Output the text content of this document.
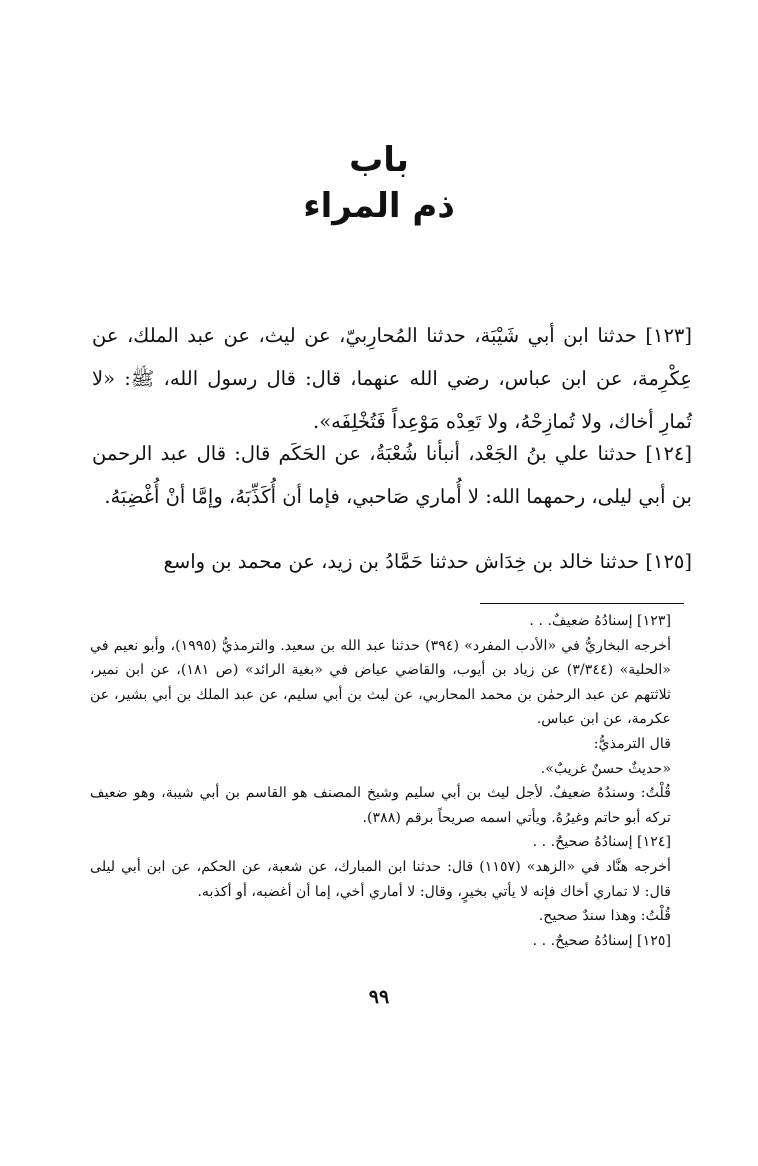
باب
ذم المراء

[١٢٣] حدثنا ابن أبي شَيْبَة، حدثنا المُحارِبيّ، عن ليث، عن عبد الملك، عن عِكْرِمة، عن ابن عباس، رضي الله عنهما، قال: قال رسول الله، ﷺ: «لا تُمارِ أخاك، ولا تُمازِحْهُ، ولا تَعِدْه مَوْعِداً فَتُخْلِفَه».

[١٢٤] حدثنا علي بنُ الجَعْد، أنبأنا شُعْبَةُ، عن الحَكَم قال: قال عبد الرحمن بن أبي ليلى، رحمهما الله: لا أُماري صَاحبي، فإما أن أُكَذِّبَهُ، وإمَّا أنْ أُغْضِبَهُ.

[١٢٥] حدثنا خالد بن خِدَاش حدثنا حَمَّادُ بن زيد، عن محمد بن واسع

[١٢٣] إسنادُهُ ضعيفٌ. . .

أخرجه البخاريُّ في «الأدب المفرد» (٣٩٤) حدثنا عبد الله بن سعيد. والترمذيُّ (١٩٩٥)، وأبو نعيم في «الحلية» (٣/٣٤٤) عن زياد بن أيوب، والقاضي عياض في «بغية الرائد» (ص ١٨١)، عن ابن نمير، ثلاثتهم عن عبد الرحمٰن بن محمد المحاربي، عن ليث بن أبي سليم، عن عبد الملك بن أبي بشير، عن عكرمة، عن ابن عباس.

قال الترمذيُّ:

«حديثٌ حسنٌ غريبٌ».

قُلْتُ: وسندُهُ ضعيفٌ. لأجل ليث بن أبي سليم وشيخ المصنف هو القاسم بن أبي شيبة، وهو ضعيف تركه أبو حاتم وغيرُهُ. ويأتي اسمه صريحاً برقم (٣٨٨).

[١٢٤] إسنادُهُ صحيحٌ. . .

أخرجه هنَّاد في «الزهد» (١١٥٧) قال: حدثنا ابن المبارك، عن شعبة، عن الحكم، عن ابن أبي ليلى قال: لا تماري أخاك فإنه لا يأتي بخيرٍ، وقال: لا أماري أخي، إما أن أغضبه، أو أكذبه.

قُلْتُ: وهذا سندٌ صحيح.

[١٢٥] إسنادُهُ صحيحٌ. . .

٩٩
